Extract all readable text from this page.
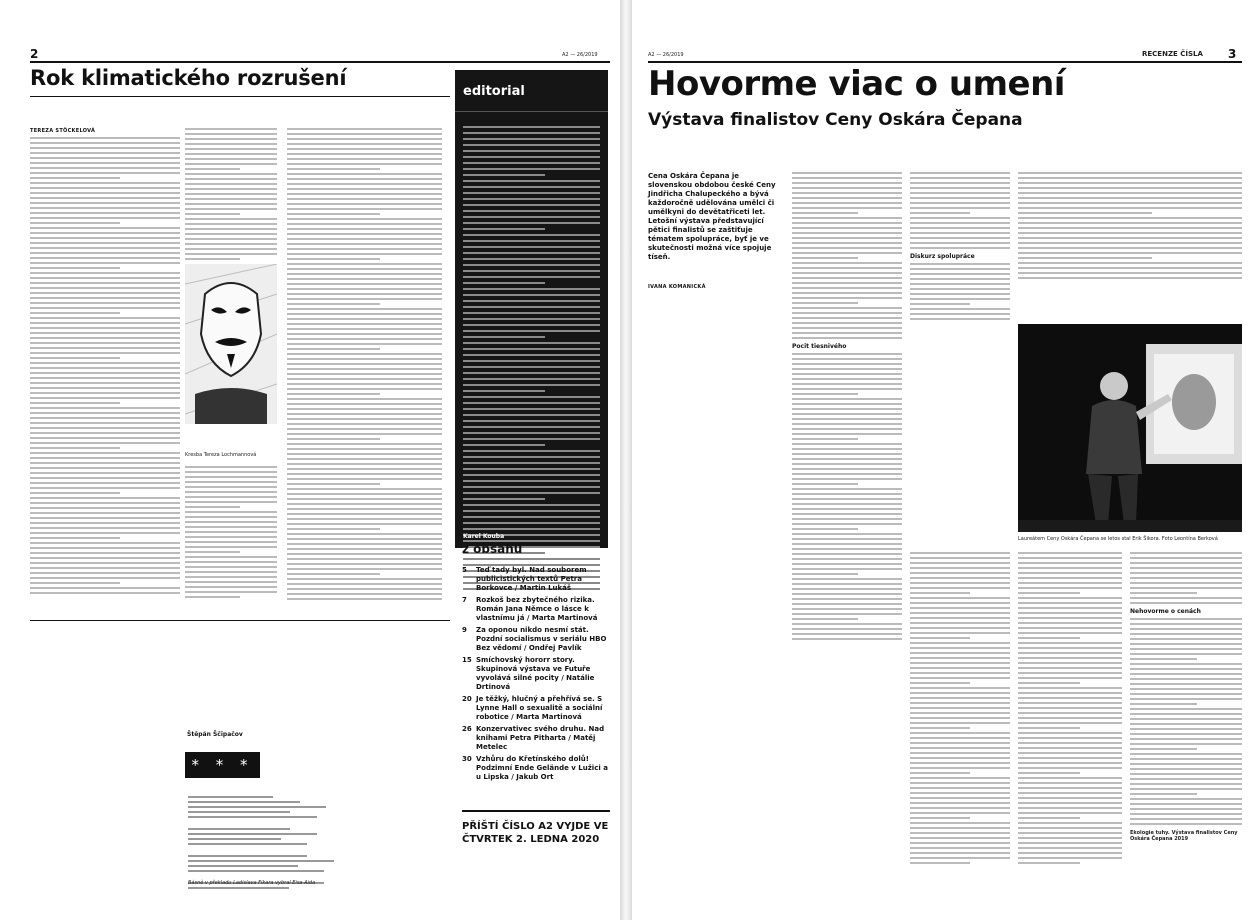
2	A2 — 26/2019
Rok klimatického rozrušení
TEREZA STÖCKELOVÁ
Kresba Tereza Lochmannová
Štěpán Ščipačov
* * *
Básně v překladu Ladislava Fikara vybral Eisa Aida
editorial
Karel Kouba
z obsahu
5	Teď tady byl. Nad souborem publicistických textů Petra Borkovce / Martin Lukáš
7	Rozkoš bez zbytečného rizika. Román Jana Němce o lásce k vlastnímu já / Marta Martinová
9	Za oponou nikdo nesmí stát. Pozdní socialismus v seriálu HBO Bez vědomí / Ondřej Pavlík
15 Smíchovský hororr story. Skupinová výstava ve Futuře vyvolává silné pocity / Natálie Drtinová
20 Je těžký, hlučný a přehřívá se. S Lynne Hall o sexualitě a sociální robotice / Marta Martinová
26 Konzervativec svého druhu. Nad knihami Petra Pitharta / Matěj Metelec
30 Vzhůru do Křetínského dolů! Podzimní Ende Gelände v Lužici a u Lipska / Jakub Ort
PŘÍŠTÍ ČÍSLO A2 VYJDE VE ČTVRTEK 2. LEDNA 2020
A2 — 26/2019	RECENZE ČÍSLA 3
Hovorme viac o umení
Výstava finalistov Ceny Oskára Čepana
Cena Oskára Čepana je slovenskou obdobou české Ceny Jindřicha Chalupeckého a bývá každoročně udělována umělci či umělkyni do devětatřiceti let. Letošní výstava představující pětici finalistů se zaštiťuje tématem spolupráce, byť je ve skutečnosti možná více spojuje tíseň.
IVANA KOMANICKÁ
Pocit tiesnivého
Diskurz spolupráce
Laureátem Ceny Oskára Čepana se letos stal Erik Šikora. Foto Leontína Berková
Nehovorme o cenách
Ekologie tuhy. Výstava finalistov Ceny Oskára Čepana 2019
